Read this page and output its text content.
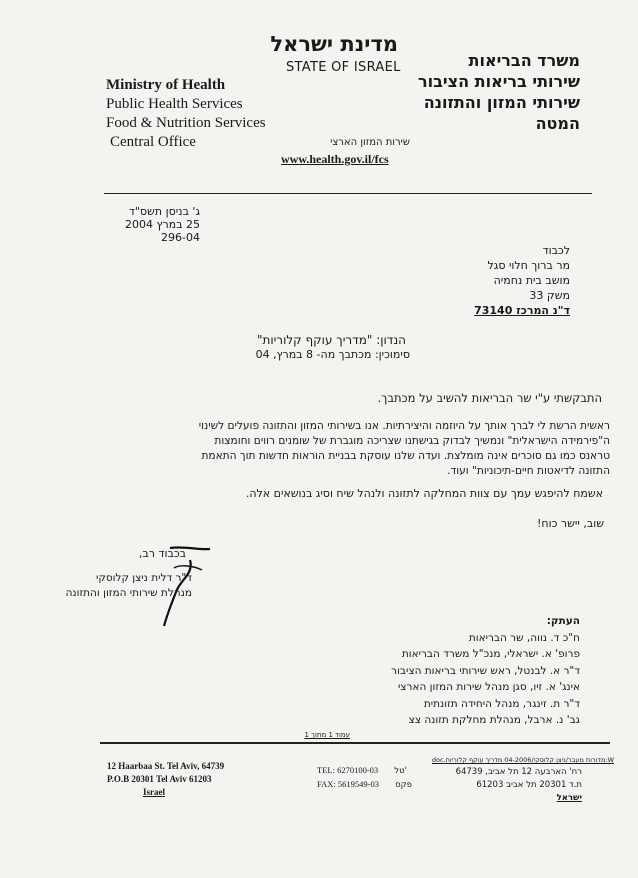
מדינת ישראל
STATE OF ISRAEL	משרד הבריאות
שירותי בריאות הציבור
שירותי המזון והתזונה
המטה
Ministry of Health
Public Health Services
Food & Nutrition Services
Central Office	שירות המזון הארצי
www.health.gov.il/fcs
ג' בניסן תשס"ד
25 במרץ 2004
296-04
לכבוד
מר ברוך חלוי סגל
מושב בית נחמיה
משק 33
ד"נ המרכז 73140
הנדון: "מדריך עוקף קלוריות"
סימוכין: מכתבך מה- 8 במרץ, 04
התבקשתי ע"י שר הבריאות להשיב על מכתבך.
ראשית הרשת לי לברך אותך על היוזמה והיצירתיות. אנו בשירותי המזון והתזונה פועלים לשינוי
ה"פירמידה הישראלית" ונמשיך לבדוק בגישתנו שצריכה מוגברת של שומנים רווים וחומצות
טראנס כמו גם סוכרים אינה מומלצת. ועדה שלנו עוסקת בבניית הוראות חדשות תוך התאמת
התזונה לדיאטות חיים-תיכוניות" ועוד.
אשמח להיפגש עמך עם צוות המחלקה לתזונה ולנהל שיח וסיג בנושאים אלה.
שוב, יישר כוח!
בכבוד רב,
ד"ר דלית ניצן קלוסקי
מנהלת שירותי המזון והתזונה
העתק:
ח"כ ד. נווה, שר הבריאות
פרופ' א. ישראלי, מנכ"ל משרד הבריאות
ד"ר א. לבנטל, ראש שירותי בריאות הציבור
אינג' א. זיו, סגן מנהל שירות המזון הארצי
ד"ר ת. זינגר, מנהל היחידה תזונתית
גב' נ. ארבל, מנהלת מחלקת תזונה צצ
עמוד 1 מתוך 1
12 Haarbaa St. Tel Aviv, 64739
P.O.B 20301 Tel Aviv 61203
Israel
TEL: 6270100-03 טל'
FAX: 5619549-03 פקס
W:מדורות מעבר/ניצן קלוסקי/04-2006 מדריך עוקף קלוריות.doc
רח' הארבעה 12 תל אביב, 64739
ת.ד 20301 תל אביב 61203
ישראל
